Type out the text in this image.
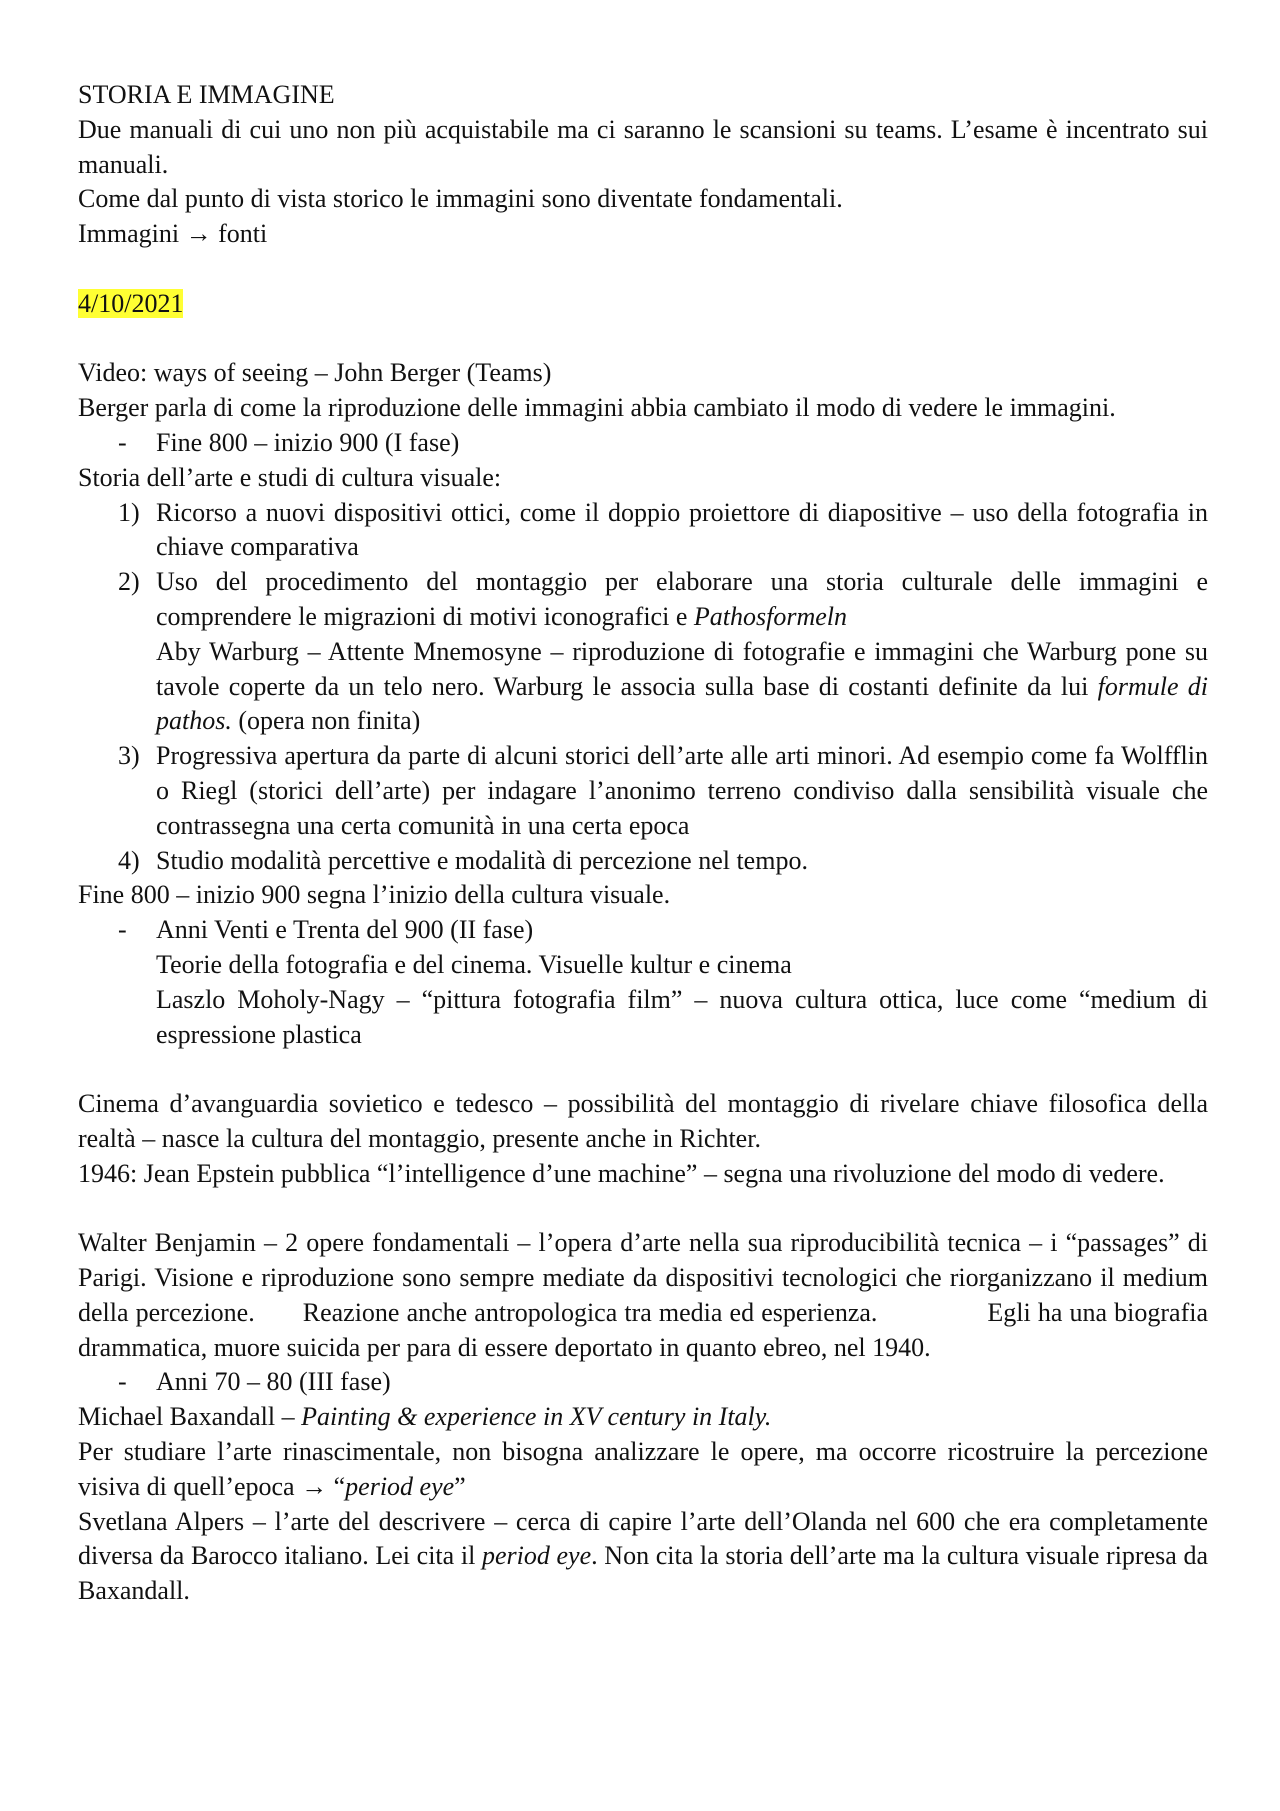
STORIA E IMMAGINE

Due manuali di cui uno non più acquistabile ma ci saranno le scansioni su teams. L’esame è incentrato sui manuali.

Come dal punto di vista storico le immagini sono diventate fondamentali.

Immagini → fonti

4/10/2021

Video: ways of seeing – John Berger (Teams)

Berger parla di come la riproduzione delle immagini abbia cambiato il modo di vedere le immagini.

- Fine 800 – inizio 900 (I fase)

Storia dell’arte e studi di cultura visuale:

1) Ricorso a nuovi dispositivi ottici, come il doppio proiettore di diapositive – uso della fotografia in chiave comparativa
2) Uso del procedimento del montaggio per elaborare una storia culturale delle immagini e comprendere le migrazioni di motivi iconografici e Pathosformeln
Aby Warburg – Attente Mnemosyne – riproduzione di fotografie e immagini che Warburg pone su tavole coperte da un telo nero. Warburg le associa sulla base di costanti definite da lui formule di pathos. (opera non finita)
3) Progressiva apertura da parte di alcuni storici dell’arte alle arti minori. Ad esempio come fa Wolfflin o Riegl (storici dell’arte) per indagare l’anonimo terreno condiviso dalla sensibilità visuale che contrassegna una certa comunità in una certa epoca
4) Studio modalità percettive e modalità di percezione nel tempo.

Fine 800 – inizio 900 segna l’inizio della cultura visuale.

- Anni Venti e Trenta del 900 (II fase)
Teorie della fotografia e del cinema. Visuelle kultur e cinema
Laszlo Moholy-Nagy – “pittura fotografia film” – nuova cultura ottica, luce come “medium di espressione plastica

Cinema d’avanguardia sovietico e tedesco – possibilità del montaggio di rivelare chiave filosofica della realtà – nasce la cultura del montaggio, presente anche in Richter.

1946: Jean Epstein pubblica “l’intelligence d’une machine” – segna una rivoluzione del modo di vedere.

Walter Benjamin – 2 opere fondamentali – l’opera d’arte nella sua riproducibilità tecnica – i “passages” di Parigi. Visione e riproduzione sono sempre mediate da dispositivi tecnologici che riorganizzano il medium della percezione. Reazione anche antropologica tra media ed esperienza.	Egli ha una biografia drammatica, muore suicida per para di essere deportato in quanto ebreo, nel 1940.

- Anni 70 – 80 (III fase)

Michael Baxandall – Painting & experience in XV century in Italy.

Per studiare l’arte rinascimentale, non bisogna analizzare le opere, ma occorre ricostruire la percezione visiva di quell’epoca → “period eye”

Svetlana Alpers – l’arte del descrivere – cerca di capire l’arte dell’Olanda nel 600 che era completamente diversa da Barocco italiano. Lei cita il period eye. Non cita la storia dell’arte ma la cultura visuale ripresa da Baxandall.
